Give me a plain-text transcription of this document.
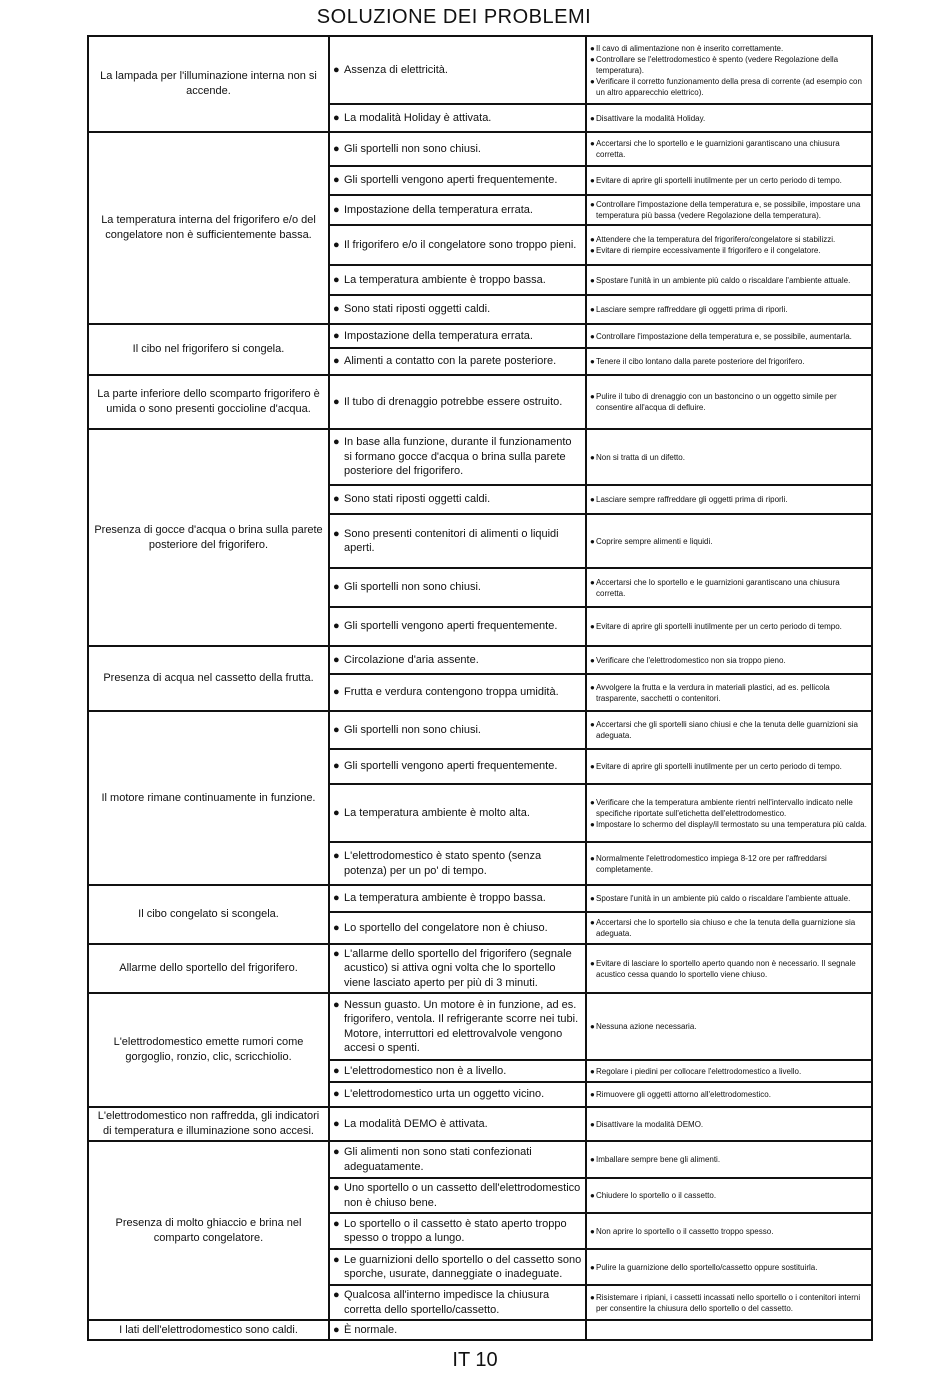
SOLUZIONE DEI PROBLEMI
La lampada per l'illuminazione interna non si accende.	● Assenza di elettricità.	●Il cavo di alimentazione non è inserito correttamente.
●Controllare se l'elettrodomestico è spento (vedere Regolazione della temperatura).
●Verificare il corretto funzionamento della presa di corrente (ad esempio con un altro apparecchio elettrico).

	● La modalità Holiday è attivata.	●Disattivare la modalità Holiday.

La temperatura interna del frigorifero e/o del congelatore non è sufficientemente bassa.	● Gli sportelli non sono chiusi.	●Accertarsi che lo sportello e le guarnizioni garantiscano una chiusura corretta.

	● Gli sportelli vengono aperti frequentemente.	●Evitare di aprire gli sportelli inutilmente per un certo periodo di tempo.

	● Impostazione della temperatura errata.	●Controllare l'impostazione della temperatura e, se possibile, impostare una temperatura più bassa (vedere Regolazione della temperatura).

	● Il frigorifero e/o il congelatore sono troppo pieni.	●Attendere che la temperatura del frigorifero/congelatore si stabilizzi.
●Evitare di riempire eccessivamente il frigorifero e il congelatore.

	● La temperatura ambiente è troppo bassa.	●Spostare l'unità in un ambiente più caldo o riscaldare l'ambiente attuale.

	● Sono stati riposti oggetti caldi.	●Lasciare sempre raffreddare gli oggetti prima di riporli.

Il cibo nel frigorifero si congela.	● Impostazione della temperatura errata.	●Controllare l'impostazione della temperatura e, se possibile, aumentarla.

	● Alimenti a contatto con la parete posteriore.	●Tenere il cibo lontano dalla parete posteriore del frigorifero.

La parte inferiore dello scomparto frigorifero è umida o sono presenti goccioline d'acqua.	● Il tubo di drenaggio potrebbe essere ostruito.	●Pulire il tubo di drenaggio con un bastoncino o un oggetto simile per consentire all'acqua di defluire.

Presenza di gocce d'acqua o brina sulla parete posteriore del frigorifero.	● In base alla funzione, durante il funzionamento si formano gocce d'acqua o brina sulla parete posteriore del frigorifero.	●Non si tratta di un difetto.

	● Sono stati riposti oggetti caldi.	●Lasciare sempre raffreddare gli oggetti prima di riporli.

	● Sono presenti contenitori di alimenti o liquidi aperti.	●Coprire sempre alimenti e liquidi.

	● Gli sportelli non sono chiusi.	●Accertarsi che lo sportello e le guarnizioni garantiscano una chiusura corretta.

	● Gli sportelli vengono aperti frequentemente.	●Evitare di aprire gli sportelli inutilmente per un certo periodo di tempo.

Presenza di acqua nel cassetto della frutta.	● Circolazione d'aria assente.	●Verificare che l'elettrodomestico non sia troppo pieno.

	● Frutta e verdura contengono troppa umidità.	●Avvolgere la frutta e la verdura in materiali plastici, ad es. pellicola trasparente, sacchetti o contenitori.

Il motore rimane continuamente in funzione.	● Gli sportelli non sono chiusi.	●Accertarsi che gli sportelli siano chiusi e che la tenuta delle guarnizioni sia adeguata.

	● Gli sportelli vengono aperti frequentemente.	●Evitare di aprire gli sportelli inutilmente per un certo periodo di tempo.

	● La temperatura ambiente è molto alta.	●Verificare che la temperatura ambiente rientri nell'intervallo indicato nelle specifiche riportate sull'etichetta dell'elettrodomestico.
●Impostare lo schermo del display/il termostato su una temperatura più calda.

	● L'elettrodomestico è stato spento (senza potenza) per un po' di tempo.	●Normalmente l'elettrodomestico impiega 8-12 ore per raffreddarsi completamente.

Il cibo congelato si scongela.	● La temperatura ambiente è troppo bassa.	●Spostare l'unità in un ambiente più caldo o riscaldare l'ambiente attuale.

	● Lo sportello del congelatore non è chiuso.	●Accertarsi che lo sportello sia chiuso e che la tenuta della guarnizione sia adeguata.

Allarme dello sportello del frigorifero.	● L'allarme dello sportello del frigorifero (segnale acustico) si attiva ogni volta che lo sportello viene lasciato aperto per più di 3 minuti.	●Evitare di lasciare lo sportello aperto quando non è necessario. Il segnale acustico cessa quando lo sportello viene chiuso.

L'elettrodomestico emette rumori come gorgoglio, ronzio, clic, scricchiolio.	● Nessun guasto. Un motore è in funzione, ad es. frigorifero, ventola. Il refrigerante scorre nei tubi. Motore, interruttori ed elettrovalvole vengono accesi o spenti.	●Nessuna azione necessaria.

	● L'elettrodomestico non è a livello.	●Regolare i piedini per collocare l'elettrodomestico a livello.

	● L'elettrodomestico urta un oggetto vicino.	●Rimuovere gli oggetti attorno all'elettrodomestico.

L'elettrodomestico non raffredda, gli indicatori di temperatura e illuminazione sono accesi.	● La modalità DEMO è attivata.	●Disattivare la modalità DEMO.

Presenza di molto ghiaccio e brina nel comparto congelatore.	● Gli alimenti non sono stati confezionati adeguatamente.	●Imballare sempre bene gli alimenti.

	● Uno sportello o un cassetto dell'elettrodomestico non è chiuso bene.	●Chiudere lo sportello o il cassetto.

	● Lo sportello o il cassetto è stato aperto troppo spesso o troppo a lungo.	●Non aprire lo sportello o il cassetto troppo spesso.

	● Le guarnizioni dello sportello o del cassetto sono sporche, usurate, danneggiate o inadeguate.	●Pulire la guarnizione dello sportello/cassetto oppure sostituirla.

	● Qualcosa all'interno impedisce la chiusura corretta dello sportello/cassetto.	●Risistemare i ripiani, i cassetti incassati nello sportello o i contenitori interni per consentire la chiusura dello sportello o del cassetto.

I lati dell'elettrodomestico sono caldi.	● È normale.	

IT 10
